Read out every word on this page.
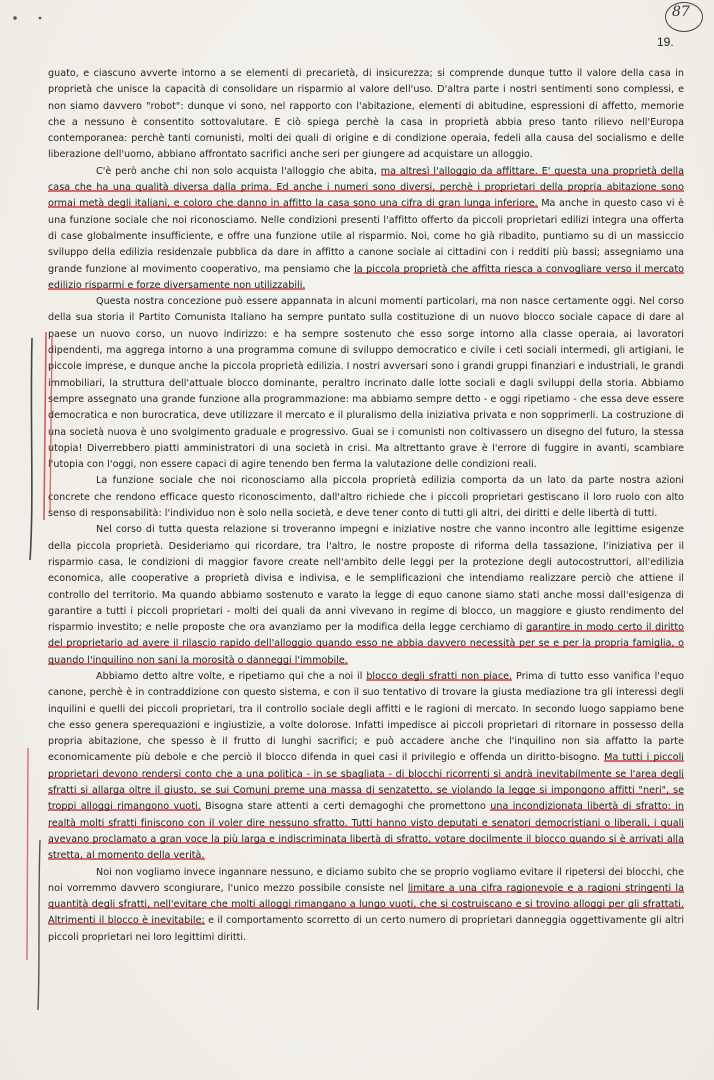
87
19.

guato, e ciascuno avverte intorno a se elementi di precarietà, di insicurezza; si comprende dunque tutto il valore della casa in proprietà che unisce la capacità di consolidare un risparmio al valore dell'uso. D'altra parte i nostri sentimenti sono complessi, e non siamo davvero "robot": dunque vi sono, nel rapporto con l'abitazione, elementi di abitudine, espressioni di affetto, memorie che a nessuno è consentito sottovalutare. E ciò spiega perchè la casa in proprietà abbia preso tanto rilievo nell'Europa contemporanea: perchè tanti comunisti, molti dei quali di origine e di condizione operaia, fedeli alla causa del socialismo e delle liberazione dell'uomo, abbiano affrontato sacrifici anche seri per giungere ad acquistare un alloggio.

C'è però anche chi non solo acquista l'alloggio che abita, ma altresì l'alloggio da affittare. E' questa una proprietà della casa che ha una qualità diversa dalla prima. Ed anche i numeri sono diversi, perchè i proprietari della propria abitazione sono ormai metà degli italiani, e coloro che danno in affitto la casa sono una cifra di gran lunga inferiore. Ma anche in questo caso vi è una funzione sociale che noi riconosciamo. Nelle condizioni presenti l'affitto offerto da piccoli proprietari edilizi integra una offerta di case globalmente insufficiente, e offre una funzione utile al risparmio. Noi, come ho già ribadito, puntiamo su di un massiccio sviluppo della edilizia residenzale pubblica da dare in affitto a canone sociale ai cittadini con i redditi più bassi; assegniamo una grande funzione al movimento cooperativo, ma pensiamo che la piccola proprietà che affitta riesca a convogliare verso il mercato edilizio risparmi e forze diversamente non utilizzabili.

Questa nostra concezione può essere appannata in alcuni momenti particolari, ma non nasce certamente oggi. Nel corso della sua storia il Partito Comunista Italiano ha sempre puntato sulla costituzione di un nuovo blocco sociale capace di dare al paese un nuovo corso, un nuovo indirizzo: e ha sempre sostenuto che esso sorge intorno alla classe operaia, ai lavoratori dipendenti, ma aggrega intorno a una programma comune di sviluppo democratico e civile i ceti sociali intermedi, gli artigiani, le piccole imprese, e dunque anche la piccola proprietà edilizia. I nostri avversari sono i grandi gruppi finanziari e industriali, le grandi immobiliari, la struttura dell'attuale blocco dominante, peraltro incrinato dalle lotte sociali e dagli sviluppi della storia. Abbiamo sempre assegnato una grande funzione alla programmazione: ma abbiamo sempre detto - e oggi ripetiamo - che essa deve essere democratica e non burocratica, deve utilizzare il mercato e il pluralismo della iniziativa privata e non sopprimerli. La costruzione di una società nuova è uno svolgimento graduale e progressivo. Guai se i comunisti non coltivassero un disegno del futuro, la stessa utopia! Diverrebbero piatti amministratori di una società in crisi. Ma altrettanto grave è l'errore di fuggire in avanti, scambiare l'utopia con l'oggi, non essere capaci di agire tenendo ben ferma la valutazione delle condizioni reali.

La funzione sociale che noi riconosciamo alla piccola proprietà edilizia comporta da un lato da parte nostra azioni concrete che rendono efficace questo riconoscimento, dall'altro richiede che i piccoli proprietari gestiscano il loro ruolo con alto senso di responsabilità: l'individuo non è solo nella società, e deve tener conto di tutti gli altri, dei diritti e delle libertà di tutti.

Nel corso di tutta questa relazione si troveranno impegni e iniziative nostre che vanno incontro alle legittime esigenze della piccola proprietà. Desideriamo qui ricordare, tra l'altro, le nostre proposte di riforma della tassazione, l'iniziativa per il risparmio casa, le condizioni di maggior favore create nell'ambito delle leggi per la protezione degli autocostruttori, all'edilizia economica, alle cooperative a proprietà divisa e indivisa, e le semplificazioni che intendiamo realizzare perciò che attiene il controllo del territorio. Ma quando abbiamo sostenuto e varato la legge di equo canone siamo stati anche mossi dall'esigenza di garantire a tutti i piccoli proprietari - molti dei quali da anni vivevano in regime di blocco, un maggiore e giusto rendimento del risparmio investito; e nelle proposte che ora avanziamo per la modifica della legge cerchiamo di garantire in modo certo il diritto del proprietario ad avere il rilascio rapido dell'alloggio quando esso ne abbia davvero necessità per se e per la propria famiglia, o quando l'inquilino non sani la morosità o danneggi l'immobile.

Abbiamo detto altre volte, e ripetiamo qui che a noi il blocco degli sfratti non piace. Prima di tutto esso vanifica l'equo canone, perchè è in contraddizione con questo sistema, e con il suo tentativo di trovare la giusta mediazione tra gli interessi degli inquilini e quelli dei piccoli proprietari, tra il controllo sociale degli affitti e le ragioni di mercato. In secondo luogo sappiamo bene che esso genera sperequazioni e ingiustizie, a volte dolorose. Infatti impedisce ai piccoli proprietari di ritornare in possesso della propria abitazione, che spesso è il frutto di lunghi sacrifici; e può accadere anche che l'inquilino non sia affatto la parte economicamente più debole e che perciò il blocco difenda in quei casi il privilegio e offenda un diritto-bisogno. Ma tutti i piccoli proprietari devono rendersi conto che a una politica - in se sbagliata - di blocchi ricorrenti si andrà inevitabilmente se l'area degli sfratti si allarga oltre il giusto, se sui Comuni preme una massa di senzatetto, se violando la legge si impongono affitti "neri", se troppi alloggi rimangono vuoti. Bisogna stare attenti a certi demagoghi che promettono una incondizionata libertà di sfratto: in realtà molti sfratti finiscono con il voler dire nessuno sfratto. Tutti hanno visto deputati e senatori democristiani o liberali, i quali avevano proclamato a gran voce la più larga e indiscriminata libertà di sfratto, votare docilmente il blocco quando si è arrivati alla stretta, al momento della verità.

Noi non vogliamo invece ingannare nessuno, e diciamo subito che se proprio vogliamo evitare il ripetersi dei blocchi, che noi vorremmo davvero scongiurare, l'unico mezzo possibile consiste nel limitare a una cifra ragionevole e a ragioni stringenti la quantità degli sfratti, nell'evitare che molti alloggi rimangano a lungo vuoti, che si costruiscano e si trovino alloggi per gli sfrattati. Altrimenti il blocco è inevitabile; e il comportamento scorretto di un certo numero di proprietari danneggia oggettivamente gli altri piccoli proprietari nei loro legittimi diritti.
